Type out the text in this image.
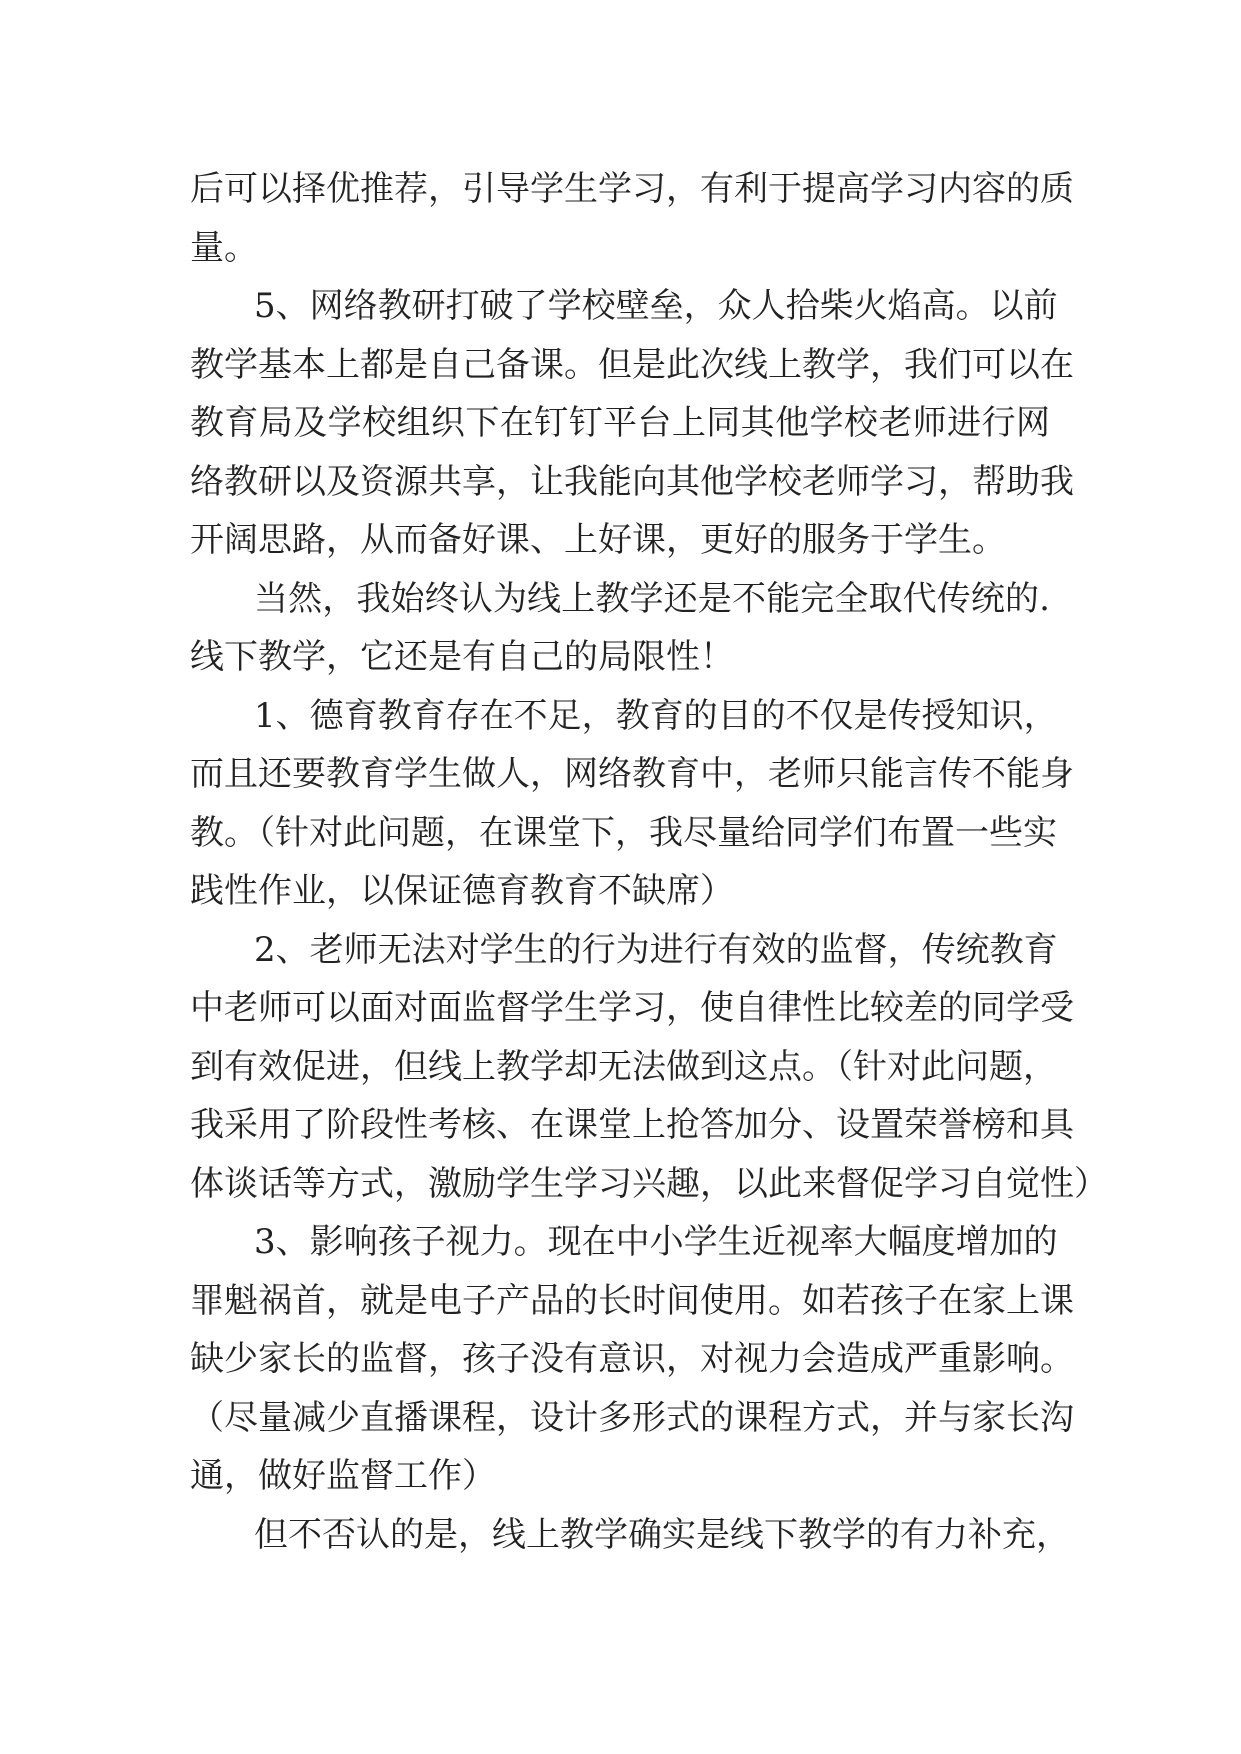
后可以择优推荐，引导学生学习，有利于提高学习内容的质
量。
5、网络教研打破了学校壁垒，众人拾柴火焰高。以前
教学基本上都是自己备课。但是此次线上教学，我们可以在
教育局及学校组织下在钉钉平台上同其他学校老师进行网
络教研以及资源共享，让我能向其他学校老师学习，帮助我
开阔思路，从而备好课、上好课，更好的服务于学生。
当然，我始终认为线上教学还是不能完全取代传统的.
线下教学，它还是有自己的局限性！
1、德育教育存在不足，教育的目的不仅是传授知识，
而且还要教育学生做人，网络教育中，老师只能言传不能身
教。（针对此问题，在课堂下，我尽量给同学们布置一些实
践性作业，以保证德育教育不缺席）
2、老师无法对学生的行为进行有效的监督，传统教育
中老师可以面对面监督学生学习，使自律性比较差的同学受
到有效促进，但线上教学却无法做到这点。（针对此问题，
我采用了阶段性考核、在课堂上抢答加分、设置荣誉榜和具
体谈话等方式，激励学生学习兴趣，以此来督促学习自觉性）
3、影响孩子视力。现在中小学生近视率大幅度增加的
罪魁祸首，就是电子产品的长时间使用。如若孩子在家上课
缺少家长的监督，孩子没有意识，对视力会造成严重影响。
（尽量减少直播课程，设计多形式的课程方式，并与家长沟
通，做好监督工作）
但不否认的是，线上教学确实是线下教学的有力补充，
